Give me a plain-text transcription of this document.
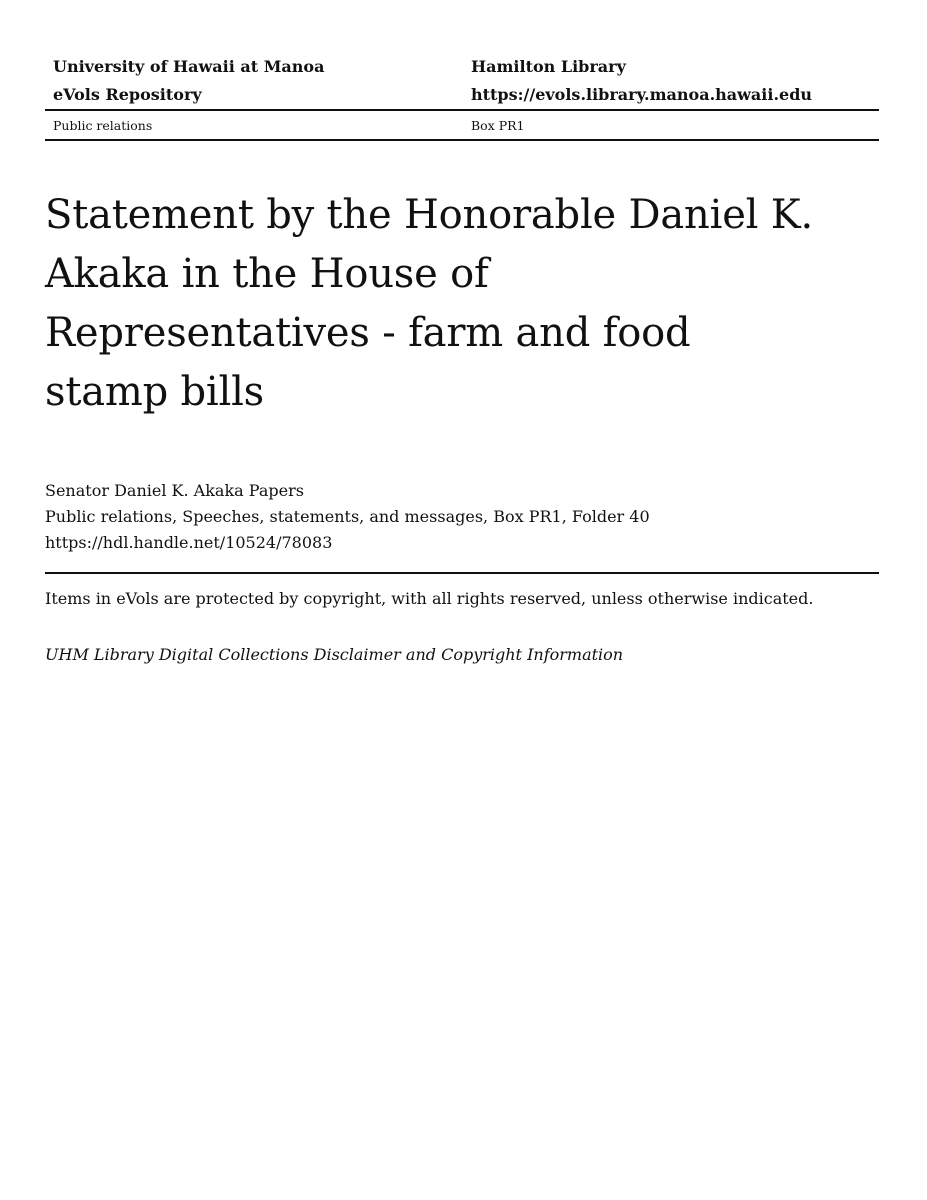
University of Hawaii at Manoa	Hamilton Library
eVols Repository	https://evols.library.manoa.hawaii.edu
Public relations	Box PR1
Statement by the Honorable Daniel K.
Akaka in the House of
Representatives - farm and food
stamp bills
Senator Daniel K. Akaka Papers
Public relations, Speeches, statements, and messages, Box PR1, Folder 40
https://hdl.handle.net/10524/78083
Items in eVols are protected by copyright, with all rights reserved, unless otherwise indicated.
UHM Library Digital Collections Disclaimer and Copyright Information
